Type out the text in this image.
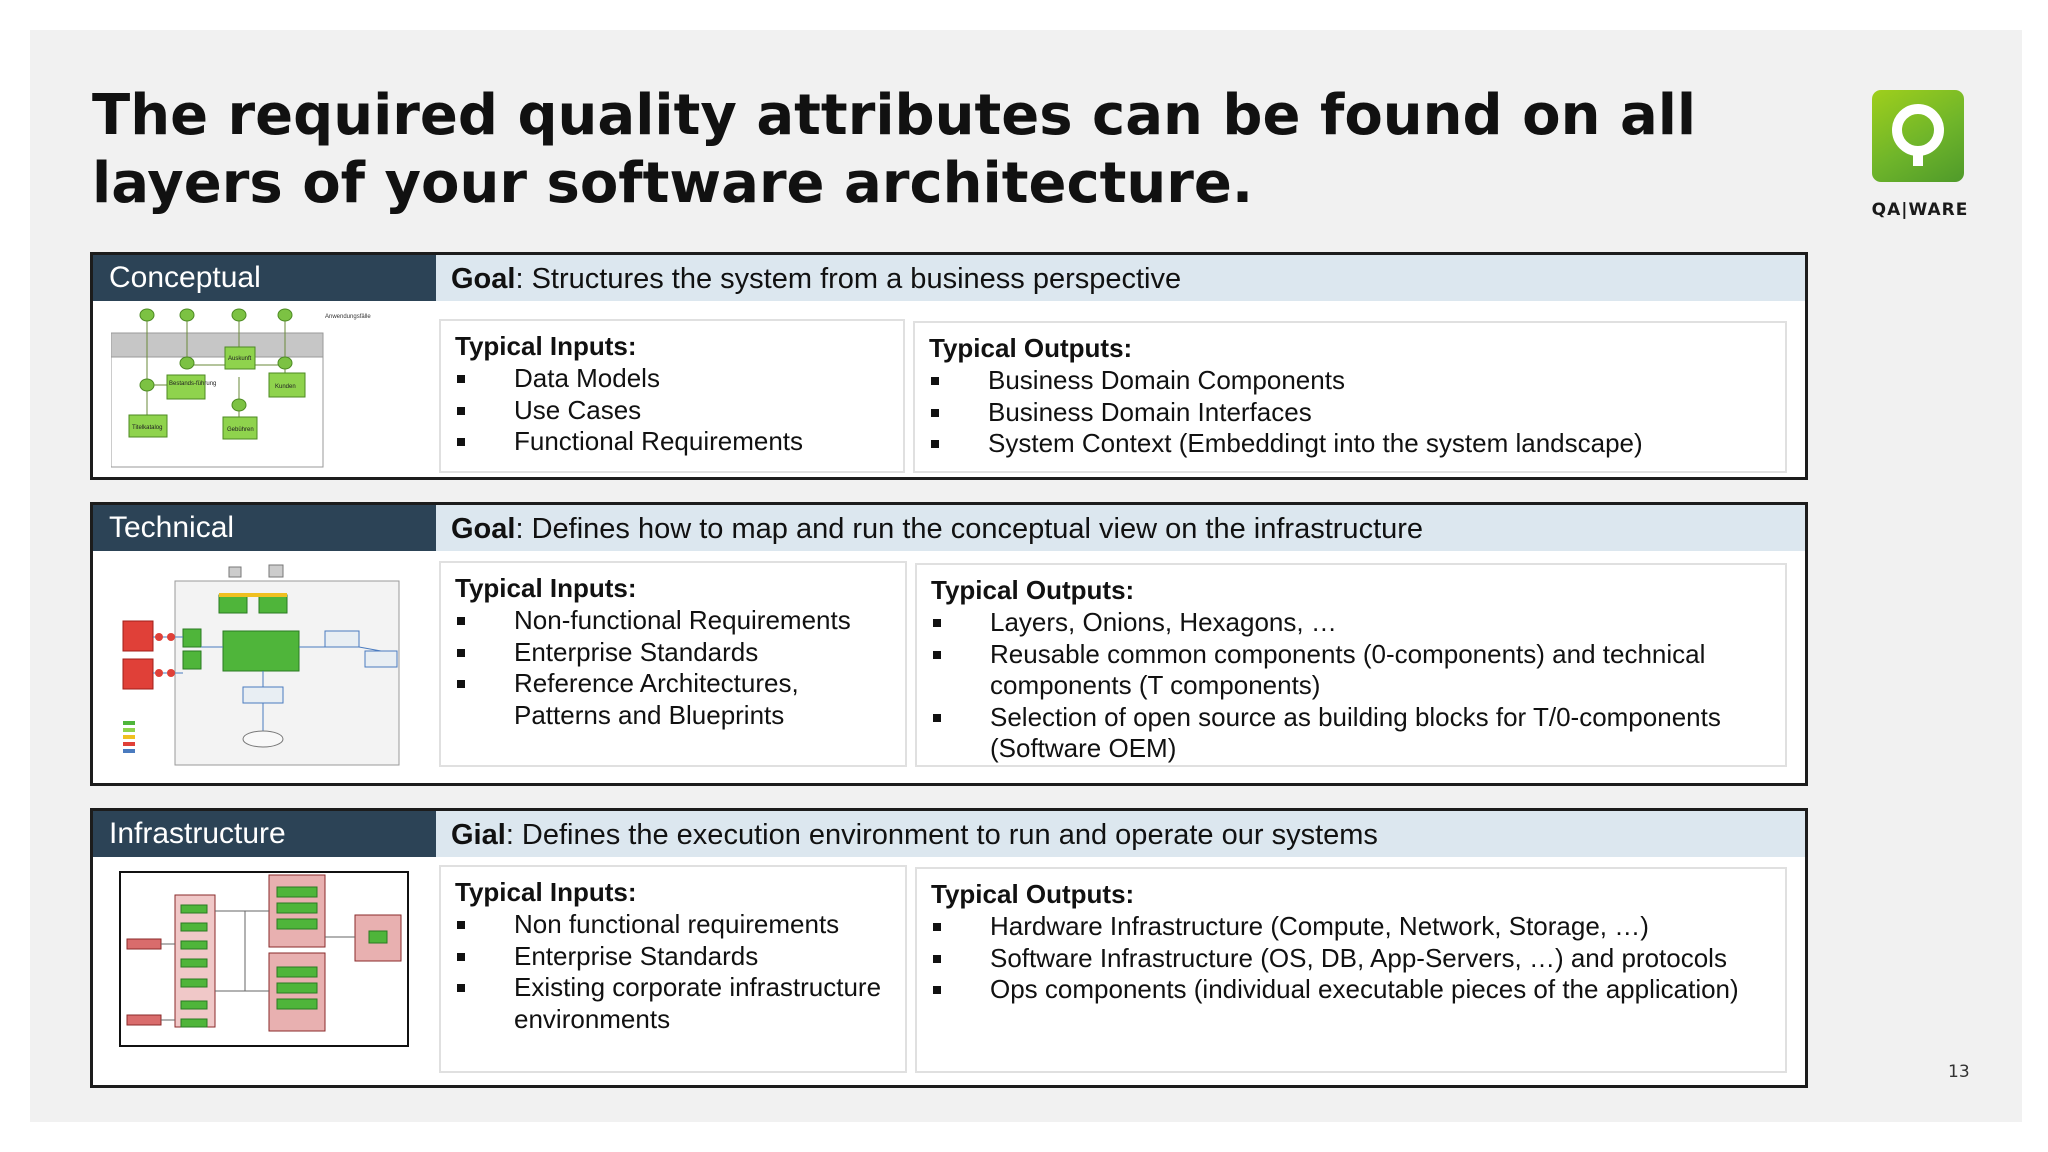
The required quality attributes can be found on all layers of your software architecture.	QA|WARE
Conceptual	Goal: Structures the system from a business perspective
Anwendungsfälle
Bestands-führung
Auskunft
Kunden
Titelkatalog	Gebühren
Typical Inputs:
Data Models
Use Cases
Functional Requirements
Typical Outputs:
Business Domain Components
Business Domain Interfaces
System Context (Embeddingt into the system landscape)
Technical	Goal: Defines how to map and run the conceptual view on the infrastructure
Typical Inputs:
Non-functional Requirements
Enterprise Standards
Reference Architectures, Patterns and Blueprints
Typical Outputs:
Layers, Onions, Hexagons, …
Reusable common components (0-components) and technical components (T components)
Selection of open source as building blocks for T/0-components (Software OEM)
Infrastructure	Gial: Defines the execution environment to run and operate our systems
Typical Inputs:
Non functional requirements
Enterprise Standards
Existing corporate infrastructure environments
Typical Outputs:
Hardware Infrastructure (Compute, Network, Storage, …)
Software Infrastructure (OS, DB, App-Servers, …) and protocols
Ops components (individual executable pieces of the application)
13
